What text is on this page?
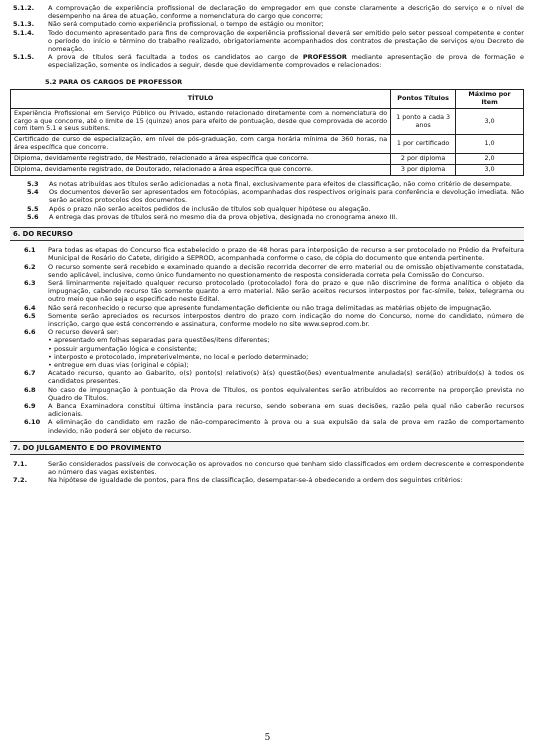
5.1.2.	A comprovação de experiência profissional de declaração do empregador em que conste claramente a descrição do serviço e o nível de desempenho na área de atuação, conforme a nomenclatura do cargo que concorre;
5.1.3.	Não será computado como experiência profissional, o tempo de estágio ou monitor;
5.1.4.	Todo documento apresentado para fins de comprovação de experiência profissional deverá ser emitido pelo setor pessoal competente e conter o período do início e término do trabalho realizado, obrigatoriamente acompanhados dos contratos de prestação de serviços e/ou Decreto de nomeação.
5.1.5.	A prova de títulos será facultada a todos os candidatos ao cargo de PROFESSOR mediante apresentação de prova de formação e especialização, somente os indicados a seguir, desde que devidamente comprovados e relacionados:
5.2 PARA OS CARGOS DE PROFESSOR
TÍTULO	Pontos Títulos	Máximo por Item
Experiência Profissional em Serviço Público ou Privado, estando relacionado diretamente com a nomenclatura do cargo a que concorre, até o limite de 15 (quinze) anos para efeito de pontuação, desde que comprovada de acordo com item 5.1 e seus subitens.	1 ponto a cada 3 anos	3,0
Certificado de curso de especialização, em nível de pós-graduação, com carga horária mínima de 360 horas, na área específica que concorre.	1 por certificado	1,0
Diploma, devidamente registrado, de Mestrado, relacionado a área específica que concorre.	2 por diploma	2,0
Diploma, devidamente registrado, de Doutorado, relacionado a área específica que concorre.	3 por diploma	3,0
5.3	As notas atribuídas aos títulos serão adicionadas a nota final, exclusivamente para efeitos de classificação, não como critério de desempate.
5.4	Os documentos deverão ser apresentados em fotocópias, acompanhadas dos respectivos originais para conferência e devolução imediata. Não serão aceitos protocolos dos documentos.
5.5	Após o prazo não serão aceitos pedidos de inclusão de títulos sob qualquer hipótese ou alegação.
5.6	A entrega das provas de títulos será no mesmo dia da prova objetiva, designada no cronograma anexo III.
6. DO RECURSO
6.1	Para todas as etapas do Concurso fica estabelecido o prazo de 48 horas para interposição de recurso a ser protocolado no Prédio da Prefeitura Municipal de Rosário do Catete, dirigido a SEPROD, acompanhada conforme o caso, de cópia do documento que entenda pertinente.
6.2	O recurso somente será recebido e examinado quando a decisão recorrida decorrer de erro material ou de omissão objetivamente constatada, sendo aplicável, inclusive, como único fundamento no questionamento de resposta considerada correta pela Comissão do Concurso.
6.3	Será liminarmente rejeitado qualquer recurso protocolado (protocolado) fora do prazo e que não discrimine de forma analítica o objeto da impugnação, cabendo recurso tão somente quanto a erro material. Não serão aceitos recursos interpostos por fac-símile, telex, telegrama ou outro meio que não seja o especificado neste Edital.
6.4	Não será reconhecido o recurso que apresente fundamentação deficiente ou não traga delimitadas as matérias objeto de impugnação.
6.5	Somente serão apreciados os recursos interpostos dentro do prazo com indicação do nome do Concurso, nome do candidato, número de inscrição, cargo que está concorrendo e assinatura, conforme modelo no site www.seprod.com.br.
6.6	O recurso deverá ser:
• apresentado em folhas separadas para questões/itens diferentes;
• possuir argumentação lógica e consistente;
• interposto e protocolado, impreterivelmente, no local e período determinado;
• entregue em duas vias (original e cópia);
6.7	Acatado recurso, quanto ao Gabarito, o(s) ponto(s) relativo(s) à(s) questão(ões) eventualmente anulada(s) será(ão) atribuído(s) à todos os candidatos presentes.
6.8	No caso de impugnação à pontuação da Prova de Títulos, os pontos equivalentes serão atribuídos ao recorrente na proporção prevista no Quadro de Títulos.
6.9	A Banca Examinadora constitui última instância para recurso, sendo soberana em suas decisões, razão pela qual não caberão recursos adicionais.
6.10	A eliminação do candidato em razão de não-comparecimento à prova ou a sua expulsão da sala de prova em razão de comportamento indevido, não poderá ser objeto de recurso.
7. DO JULGAMENTO E DO PROVIMENTO
7.1.	Serão considerados passíveis de convocação os aprovados no concurso que tenham sido classificados em ordem decrescente e correspondente ao número das vagas existentes.
7.2.	Na hipótese de igualdade de pontos, para fins de classificação, desempatar-se-á obedecendo a ordem dos seguintes critérios:
5
